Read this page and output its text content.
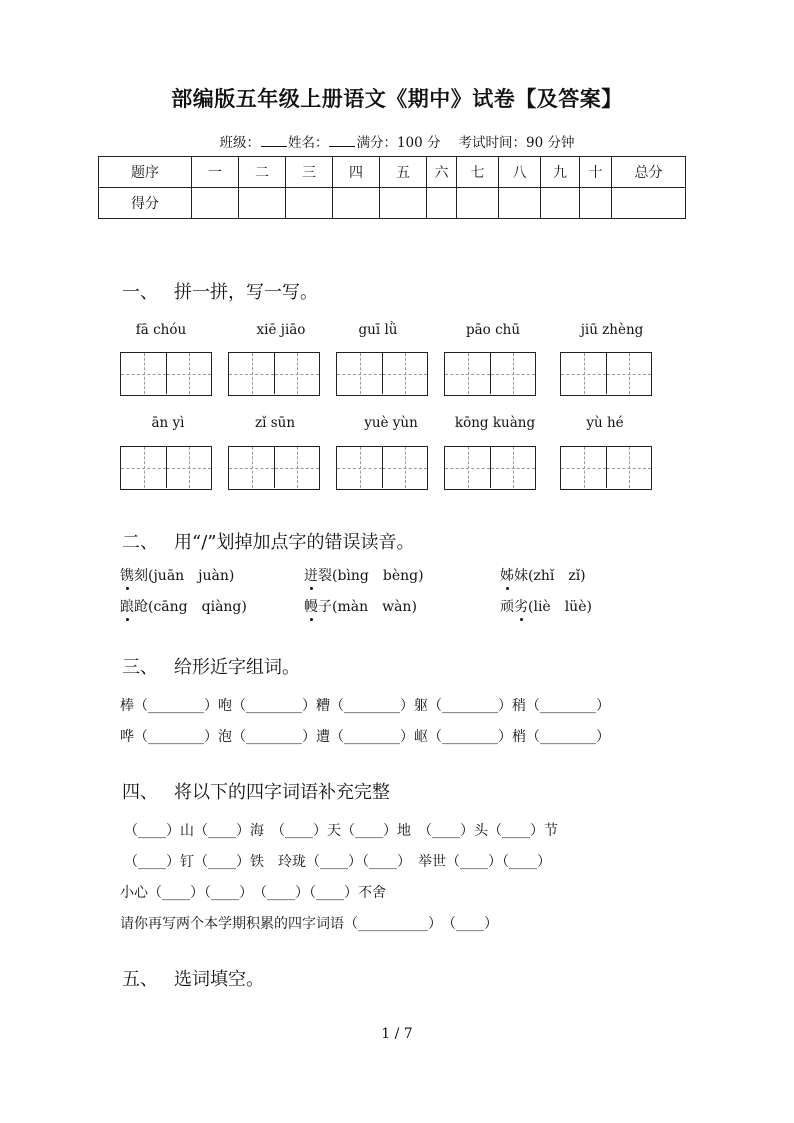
部编版五年级上册语文《期中》试卷【及答案】
班级： 姓名： 满分：100 分 考试时间：90 分钟
题序	一	二	三	四	五	六	七	八	九	十	总分
得分											
一、 拼一拼，写一写。
fā chóu	xiē jiāo	guī lǜ	pāo chū	jiū zhèng
ān yì	zǐ sūn	yuè yùn	kōng kuàng	yù hé
二、 用“/”划掉加点字的错误读音。
镌刻(juān　juàn)	迸裂(bìng　bèng)	姊妹(zhǐ　zǐ)
踉跄(cāng　qiàng)	幔子(màn　wàn)	顽劣(liè　lüè)
三、 给形近字组词。
棒（________）咆（________）糟（________）躯（________）稍（________）
哗（________）泡（________）遭（________）岖（________）梢（________）
四、 将以下的四字词语补充完整
（____）山（____）海　（____）天（____）地　（____）头（____）节
（____）钉（____）铁　玲珑（____）（____）　举世（____）（____）
小心（____）（____）　（____）（____）不舍
请你再写两个本学期积累的四字词语（__________）　（____）
五、 选词填空。
1 / 7
